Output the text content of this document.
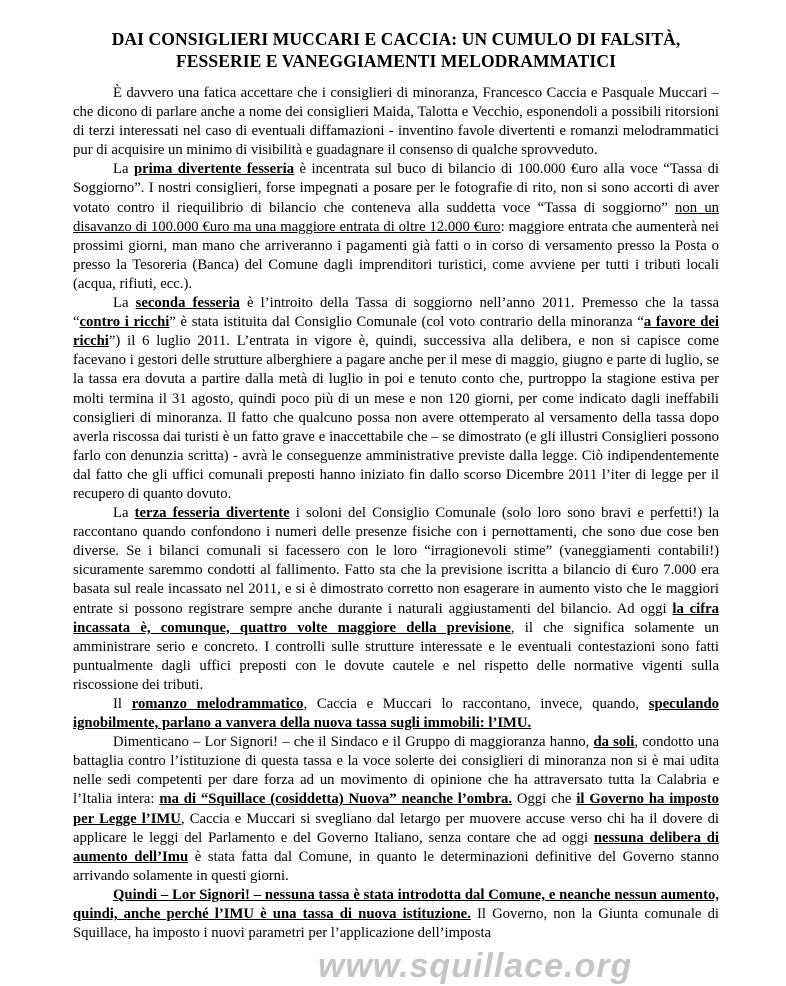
DAI CONSIGLIERI MUCCARI E CACCIA: UN CUMULO DI FALSITÀ,
FESSERIE E VANEGGIAMENTI MELODRAMMATICI

È davvero una fatica accettare che i consiglieri di minoranza, Francesco Caccia e Pasquale Muccari – che dicono di parlare anche a nome dei consiglieri Maida, Talotta e Vecchio, esponendoli a possibili ritorsioni di terzi interessati nel caso di eventuali diffamazioni - inventino favole divertenti e romanzi melodrammatici pur di acquisire un minimo di visibilità e guadagnare il consenso di qualche sprovveduto.

La prima divertente fesseria è incentrata sul buco di bilancio di 100.000 €uro alla voce “Tassa di Soggiorno”. I nostri consiglieri, forse impegnati a posare per le fotografie di rito, non si sono accorti di aver votato contro il riequilibrio di bilancio che conteneva alla suddetta voce “Tassa di soggiorno” non un disavanzo di 100.000 €uro ma una maggiore entrata di oltre 12.000 €uro: maggiore entrata che aumenterà nei prossimi giorni, man mano che arriveranno i pagamenti già fatti o in corso di versamento presso la Posta o presso la Tesoreria (Banca) del Comune dagli imprenditori turistici, come avviene per tutti i tributi locali (acqua, rifiuti, ecc.).

La seconda fesseria è l’introito della Tassa di soggiorno nell’anno 2011. Premesso che la tassa “contro i ricchi” è stata istituita dal Consiglio Comunale (col voto contrario della minoranza “a favore dei ricchi”) il 6 luglio 2011. L’entrata in vigore è, quindi, successiva alla delibera, e non si capisce come facevano i gestori delle strutture alberghiere a pagare anche per il mese di maggio, giugno e parte di luglio, se la tassa era dovuta a partire dalla metà di luglio in poi e tenuto conto che, purtroppo la stagione estiva per molti termina il 31 agosto, quindi poco più di un mese e non 120 giorni, per come indicato dagli ineffabili consiglieri di minoranza. Il fatto che qualcuno possa non avere ottemperato al versamento della tassa dopo averla riscossa dai turisti è un fatto grave e inaccettabile che – se dimostrato (e gli illustri Consiglieri possono farlo con denunzia scritta) - avrà le conseguenze amministrative previste dalla legge. Ciò indipendentemente dal fatto che gli uffici comunali preposti hanno iniziato fin dallo scorso Dicembre 2011 l’iter di legge per il recupero di quanto dovuto.

La terza fesseria divertente i soloni del Consiglio Comunale (solo loro sono bravi e perfetti!) la raccontano quando confondono i numeri delle presenze fisiche con i pernottamenti, che sono due cose ben diverse. Se i bilanci comunali si facessero con le loro “irragionevoli stime” (vaneggiamenti contabili!) sicuramente saremmo condotti al fallimento. Fatto sta che la previsione iscritta a bilancio di €uro 7.000 era basata sul reale incassato nel 2011, e si è dimostrato corretto non esagerare in aumento visto che le maggiori entrate si possono registrare sempre anche durante i naturali aggiustamenti del bilancio. Ad oggi la cifra incassata è, comunque, quattro volte maggiore della previsione, il che significa solamente un amministrare serio e concreto. I controlli sulle strutture interessate e le eventuali contestazioni sono fatti puntualmente dagli uffici preposti con le dovute cautele e nel rispetto delle normative vigenti sulla riscossione dei tributi.

Il romanzo melodrammatico, Caccia e Muccari lo raccontano, invece, quando, speculando ignobilmente, parlano a vanvera della nuova tassa sugli immobili: l’IMU.

Dimenticano – Lor Signori! – che il Sindaco e il Gruppo di maggioranza hanno, da soli, condotto una battaglia contro l’istituzione di questa tassa e la voce solerte dei consiglieri di minoranza non si è mai udita nelle sedi competenti per dare forza ad un movimento di opinione che ha attraversato tutta la Calabria e l’Italia intera: ma di “Squillace (cosiddetta) Nuova” neanche l’ombra. Oggi che il Governo ha imposto per Legge l’IMU, Caccia e Muccari si svegliano dal letargo per muovere accuse verso chi ha il dovere di applicare le leggi del Parlamento e del Governo Italiano, senza contare che ad oggi nessuna delibera di aumento dell’Imu è stata fatta dal Comune, in quanto le determinazioni definitive del Governo stanno arrivando solamente in questi giorni.

Quindi – Lor Signori! – nessuna tassa è stata introdotta dal Comune, e neanche nessun aumento, quindi, anche perché l’IMU è una tassa di nuova istituzione. Il Governo, non la Giunta comunale di Squillace, ha imposto i nuovi parametri per l’applicazione dell’imposta

www.squillace.org
